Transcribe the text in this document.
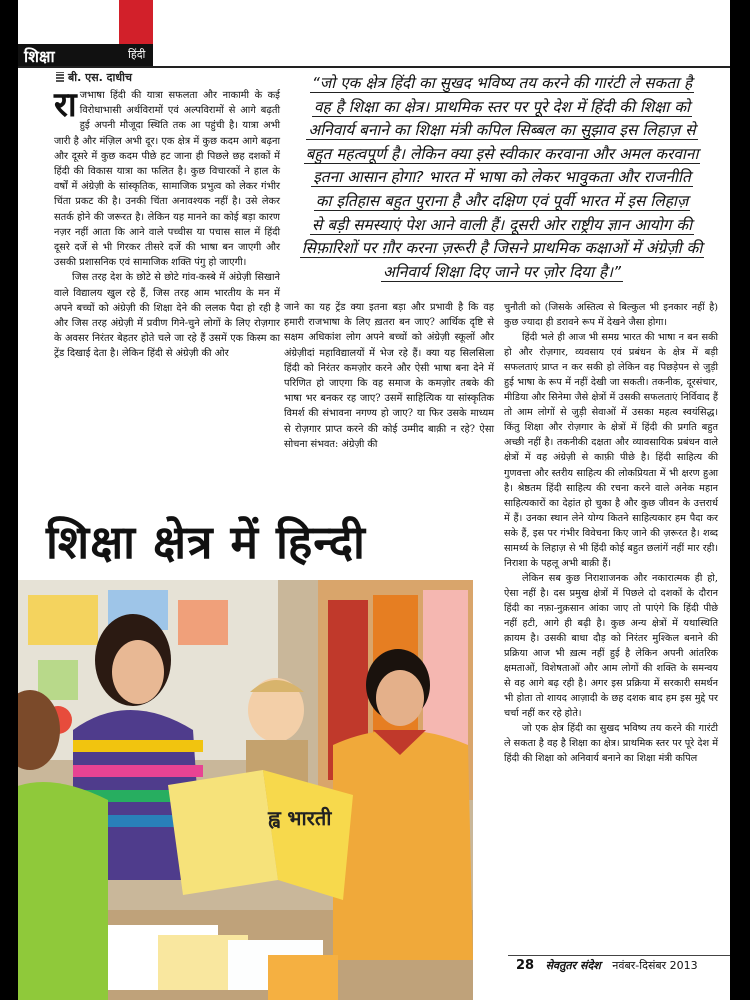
शिक्षा	हिंदी
बी. एस. दाधीच

राजभाषा हिंदी की यात्रा सफलता और नाकामी के कई विरोधाभासी अर्थविरामों एवं अल्पविरामों से आगे बढ़ती हुई अपनी मौजूदा स्थिति तक आ पहुंची है। यात्रा अभी जारी है और मंज़िल अभी दूर। एक क्षेत्र में कुछ कदम आगे बढ़ना और दूसरे में कुछ कदम पीछे हट जाना ही पिछले छह दशकों में हिंदी की विकास यात्रा का फलित है। कुछ विचारकों ने हाल के वर्षों में अंग्रेज़ी के सांस्कृतिक, सामाजिक प्रभुत्व को लेकर गंभीर चिंता प्रकट की है। उनकी चिंता अनावश्यक नहीं है। उसे लेकर सतर्क होने की जरूरत है। लेकिन यह मानने का कोई बड़ा कारण नज़र नहीं आता कि आने वाले पच्चीस या पचास साल में हिंदी दूसरे दर्जे से भी गिरकर तीसरे दर्जे की भाषा बन जाएगी और उसकी प्रशासनिक एवं सामाजिक शक्ति पंगु हो जाएगी।

जिस तरह देश के छोटे से छोटे गांव-कस्बे में अंग्रेज़ी सिखाने वाले विद्यालय खुल रहे हैं, जिस तरह आम भारतीय के मन में अपने बच्चों को अंग्रेज़ी की शिक्षा देने की ललक पैदा हो रही है और जिस तरह अंग्रेज़ी में प्रवीण गिने-चुने लोगों के लिए रोज़गार के अवसर निरंतर बेहतर होते चले जा रहे हैं उसमें एक किस्म का ट्रेंड दिखाई देता है। लेकिन हिंदी से अंग्रेज़ी की ओर

“जो एक क्षेत्र हिंदी का सुखद भविष्य तय करने की गारंटी ले सकता है
वह है शिक्षा का क्षेत्र। प्राथमिक स्तर पर पूरे देश में हिंदी की शिक्षा को
अनिवार्य बनाने का शिक्षा मंत्री कपिल सिब्बल का सुझाव इस लिहाज़ से
बहुत महत्वपूर्ण है। लेकिन क्या इसे स्वीकार करवाना और अमल करवाना
इतना आसान होगा? भारत में भाषा को लेकर भावुकता और राजनीति
का इतिहास बहुत पुराना है और दक्षिण एवं पूर्वी भारत में इस लिहाज़
से बड़ी समस्याएं पेश आने वाली हैं। दूसरी ओर राष्ट्रीय ज्ञान आयोग की
सिफ़ारिशों पर ग़ौर करना ज़रूरी है जिसने प्राथमिक कक्षाओं में अंग्रेज़ी की
अनिवार्य शिक्षा दिए जाने पर ज़ोर दिया है।”

जाने का यह ट्रेंड क्या इतना बड़ा और प्रभावी है कि वह हमारी राजभाषा के लिए ख़तरा बन जाए? आर्थिक दृष्टि से सक्षम अधिकांश लोग अपने बच्चों को अंग्रेज़ी स्कूलों और अंग्रेज़ीदां महाविद्यालयों में भेज रहे हैं। क्या यह सिलसिला हिंदी को निरंतर कमज़ोर करने और ऐसी भाषा बना देने में परिणित हो जाएगा कि वह समाज के कमज़ोर तबके की भाषा भर बनकर रह जाए? उसमें साहित्यिक या सांस्कृतिक विमर्श की संभावना नगण्य हो जाए? या फिर उसके माध्यम से रोज़गार प्राप्त करने की कोई उम्मीद बाक़ी न रहे? ऐसा सोचना संभवत: अंग्रेज़ी की

चुनौती को (जिसके अस्तित्व से बिल्कुल भी इनकार नहीं है) कुछ ज्यादा ही डरावने रूप में देखने जैसा होगा।

हिंदी भले ही आज भी समग्र भारत की भाषा न बन सकी हो और रोज़गार, व्यवसाय एवं प्रबंधन के क्षेत्र में बड़ी सफलताएं प्राप्त न कर सकी हो लेकिन वह पिछड़ेपन से जुड़ी हुई भाषा के रूप में नहीं देखी जा सकती। तकनीक, दूरसंचार, मीडिया और सिनेमा जैसे क्षेत्रों में उसकी सफलताएं निर्विवाद हैं तो आम लोगों से जुड़ी सेवाओं में उसका महत्व स्वयंसिद्ध। किंतु शिक्षा और रोज़गार के क्षेत्रों में हिंदी की प्रगति बहुत अच्छी नहीं है। तकनीकी दक्षता और व्यावसायिक प्रबंधन वाले क्षेत्रों में वह अंग्रेज़ी से काफ़ी पीछे है। हिंदी साहित्य की गुणवत्ता और स्तरीय साहित्य की लोकप्रियता में भी क्षरण हुआ है। श्रेष्ठतम हिंदी साहित्य की रचना करने वाले अनेक महान साहित्यकारों का देहांत हो चुका है और कुछ जीवन के उत्तरार्ध में हैं। उनका स्थान लेने योग्य कितने साहित्यकार हम पैदा कर सके हैं, इस पर गंभीर विवेचना किए जाने की ज़रूरत है। शब्द सामर्थ्य के लिहाज़ से भी हिंदी कोई बहुत छलांगें नहीं मार रही। निराशा के पहलू अभी बाक़ी हैं।

लेकिन सब कुछ निराशाजनक और नकारात्मक ही हो, ऐसा नहीं है। दस प्रमुख क्षेत्रों में पिछले दो दशकों के दौरान हिंदी का नफ़ा-नुक़सान आंका जाए तो पाएंगे कि हिंदी पीछे नहीं हटी, आगे ही बढ़ी है। कुछ अन्य क्षेत्रों में यथास्थिति क़ायम है। उसकी बाधा दौड़ को निरंतर मुश्किल बनाने की प्रक्रिया आज भी ख़त्म नहीं हुई है लेकिन अपनी आंतरिक क्षमताओं, विशेषताओं और आम लोगों की शक्ति के समन्वय से वह आगे बढ़ रही है। अगर इस प्रक्रिया में सरकारी समर्थन भी होता तो शायद आज़ादी के छह दशक बाद हम इस मुद्दे पर चर्चा नहीं कर रहे होते।

जो एक क्षेत्र हिंदी का सुखद भविष्य तय करने की गारंटी ले सकता है वह है शिक्षा का क्षेत्र। प्राथमिक स्तर पर पूरे देश में हिंदी की शिक्षा को अनिवार्य बनाने का शिक्षा मंत्री कपिल

शिक्षा क्षेत्र में हिन्दी
ह्व भारती
28 सेवतुतर संदेश नवंबर-दिसंबर 2013
